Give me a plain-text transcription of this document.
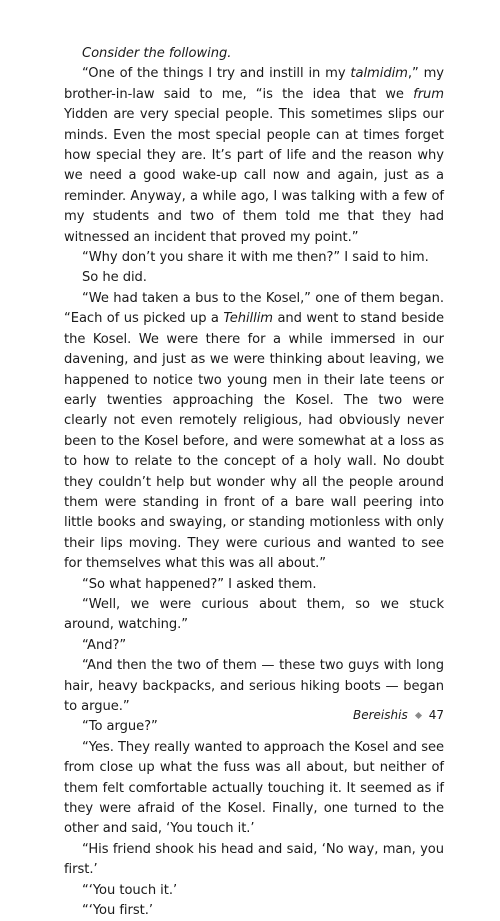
Consider the following.

“One of the things I try and instill in my talmidim,” my brother-in-law said to me, “is the idea that we frum Yidden are very special people. This sometimes slips our minds. Even the most special people can at times forget how special they are. It’s part of life and the reason why we need a good wake-up call now and again, just as a reminder. Anyway, a while ago, I was talking with a few of my students and two of them told me that they had witnessed an incident that proved my point.”

“Why don’t you share it with me then?” I said to him.

So he did.

“We had taken a bus to the Kosel,” one of them began. “Each of us picked up a Tehillim and went to stand beside the Kosel. We were there for a while immersed in our davening, and just as we were thinking about leaving, we happened to notice two young men in their late teens or early twenties approaching the Kosel. The two were clearly not even remotely religious, had obviously never been to the Kosel before, and were somewhat at a loss as to how to relate to the concept of a holy wall. No doubt they couldn’t help but wonder why all the people around them were standing in front of a bare wall peering into little books and swaying, or standing motionless with only their lips moving. They were curious and wanted to see for themselves what this was all about.”

“So what happened?” I asked them.

“Well, we were curious about them, so we stuck around, watching.”

“And?”

“And then the two of them — these two guys with long hair, heavy backpacks, and serious hiking boots — began to argue.”

“To argue?”

“Yes. They really wanted to approach the Kosel and see from close up what the fuss was all about, but neither of them felt comfortable actually touching it. It seemed as if they were afraid of the Kosel. Finally, one turned to the other and said, ‘You touch it.’

“His friend shook his head and said, ‘No way, man, you first.’

“‘You touch it.’

“‘You first.’

Bereishis 47
